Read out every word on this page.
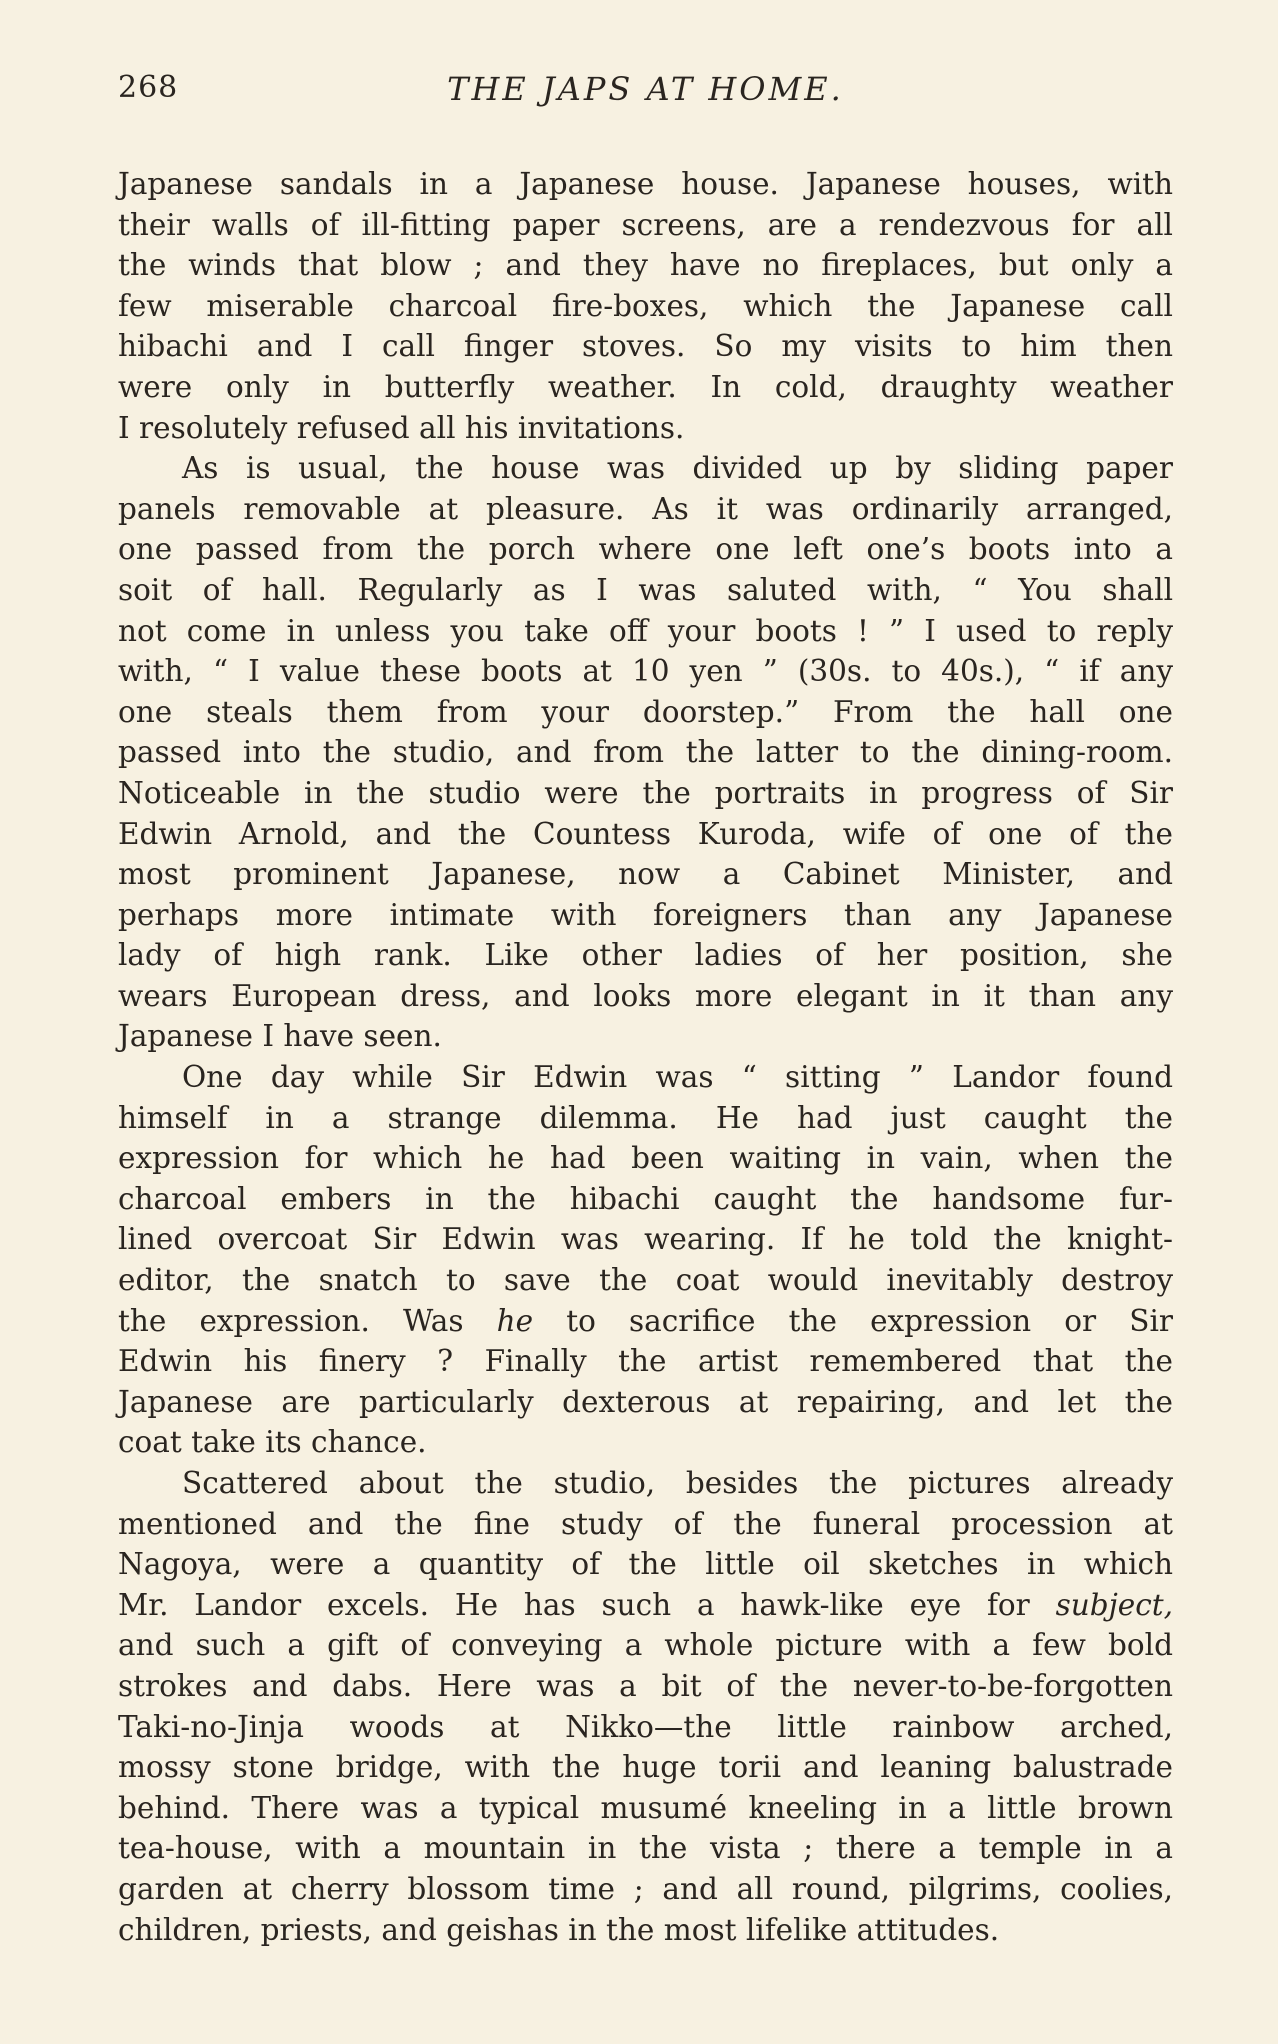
268	THE JAPS AT HOME.
Japanese sandals in a Japanese house. Japanese houses, with
their walls of ill-fitting paper screens, are a rendezvous for all
the winds that blow ; and they have no fireplaces, but only a
few miserable charcoal fire-boxes, which the Japanese call
hibachi and I call finger stoves. So my visits to him then
were only in butterfly weather. In cold, draughty weather
I resolutely refused all his invitations.
As is usual, the house was divided up by sliding paper
panels removable at pleasure. As it was ordinarily arranged,
one passed from the porch where one left one’s boots into a
soit of hall. Regularly as I was saluted with, “ You shall
not come in unless you take off your boots ! ” I used to reply
with, “ I value these boots at 10 yen ” (30s. to 40s.), “ if any
one steals them from your doorstep.” From the hall one
passed into the studio, and from the latter to the dining-room.
Noticeable in the studio were the portraits in progress of Sir
Edwin Arnold, and the Countess Kuroda, wife of one of the
most prominent Japanese, now a Cabinet Minister, and
perhaps more intimate with foreigners than any Japanese
lady of high rank. Like other ladies of her position, she
wears European dress, and looks more elegant in it than any
Japanese I have seen.
One day while Sir Edwin was “ sitting ” Landor found
himself in a strange dilemma. He had just caught the
expression for which he had been waiting in vain, when the
charcoal embers in the hibachi caught the handsome fur-
lined overcoat Sir Edwin was wearing. If he told the knight-
editor, the snatch to save the coat would inevitably destroy
the expression. Was he to sacrifice the expression or Sir
Edwin his finery ? Finally the artist remembered that the
Japanese are particularly dexterous at repairing, and let the
coat take its chance.
Scattered about the studio, besides the pictures already
mentioned and the fine study of the funeral procession at
Nagoya, were a quantity of the little oil sketches in which
Mr. Landor excels. He has such a hawk-like eye for subject,
and such a gift of conveying a whole picture with a few bold
strokes and dabs. Here was a bit of the never-to-be-forgotten
Taki-no-Jinja woods at Nikko—the little rainbow arched,
mossy stone bridge, with the huge torii and leaning balustrade
behind. There was a typical musumé kneeling in a little brown
tea-house, with a mountain in the vista ; there a temple in a
garden at cherry blossom time ; and all round, pilgrims, coolies,
children, priests, and geishas in the most lifelike attitudes.
